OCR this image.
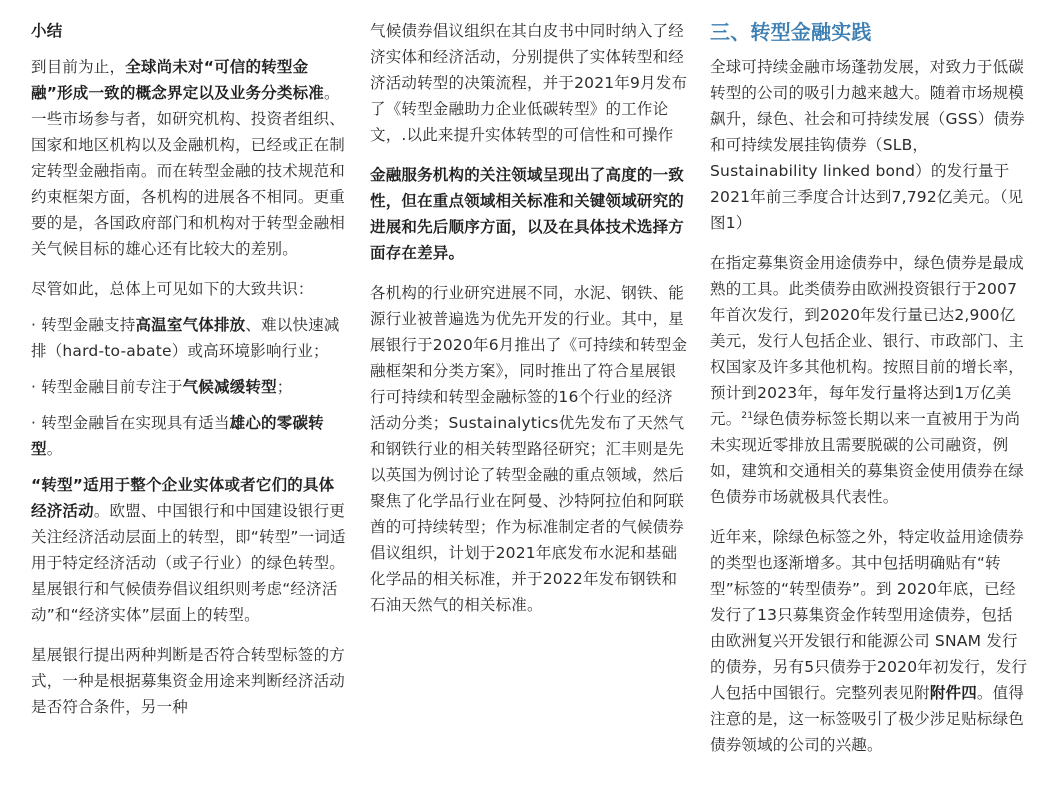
小结

到目前为止，全球尚未对“可信的转型金融”形成一致的概念界定以及业务分类标准。一些市场参与者，如研究机构、投资者组织、国家和地区机构以及金融机构，已经或正在制定转型金融指南。而在转型金融的技术规范和约束框架方面，各机构的进展各不相同。更重要的是，各国政府部门和机构对于转型金融相关气候目标的雄心还有比较大的差别。

尽管如此，总体上可见如下的大致共识：

· 转型金融支持高温室气体排放、难以快速减排（hard-to-abate）或高环境影响行业；

· 转型金融目前专注于气候减缓转型；

· 转型金融旨在实现具有适当雄心的零碳转型。

“转型”适用于整个企业实体或者它们的具体经济活动。欧盟、中国银行和中国建设银行更关注经济活动层面上的转型，即“转型”一词适用于特定经济活动（或子行业）的绿色转型。星展银行和气候债券倡议组织则考虑“经济活动”和“经济实体”层面上的转型。

星展银行提出两种判断是否符合转型标签的方式，一种是根据募集资金用途来判断经济活动是否符合条件，另一种

气候债券倡议组织在其白皮书中同时纳入了经济实体和经济活动，分别提供了实体转型和经济活动转型的决策流程，并于2021年9月发布了《转型金融助力企业低碳转型》的工作论文，.以此来提升实体转型的可信性和可操作

金融服务机构的关注领域呈现出了高度的一致性，但在重点领域相关标准和关键领域研究的进展和先后顺序方面，以及在具体技术选择方面存在差异。

各机构的行业研究进展不同，水泥、钢铁、能源行业被普遍选为优先开发的行业。其中，星展银行于2020年6月推出了《可持续和转型金融框架和分类方案》，同时推出了符合星展银行可持续和转型金融标签的16个行业的经济活动分类；Sustainalytics优先发布了天然气和钢铁行业的相关转型路径研究；汇丰则是先以英国为例讨论了转型金融的重点领域，然后聚焦了化学品行业在阿曼、沙特阿拉伯和阿联酋的可持续转型；作为标准制定者的气候债券倡议组织，计划于2021年底发布水泥和基础化学品的相关标准，并于2022年发布钢铁和石油天然气的相关标准。

三、转型金融实践

全球可持续金融市场蓬勃发展，对致力于低碳转型的公司的吸引力越来越大。随着市场规模飙升，绿色、社会和可持续发展（GSS）债券和可持续发展挂钩债券（SLB，Sustainability linked bond）的发行量于2021年前三季度合计达到7,792亿美元。（见图1）

在指定募集资金用途债券中，绿色债券是最成熟的工具。此类债券由欧洲投资银行于2007年首次发行，到2020年发行量已达2,900亿美元，发行人包括企业、银行、市政部门、主权国家及许多其他机构。按照目前的增长率，预计到2023年，每年发行量将达到1万亿美元。$^{21}$绿色债券标签长期以来一直被用于为尚未实现近零排放且需要脱碳的公司融资，例如，建筑和交通相关的募集资金使用债券在绿色债券市场就极具代表性。

近年来，除绿色标签之外，特定收益用途债券的类型也逐渐增多。其中包括明确贴有“转型”标签的“转型债券”。到 2020年底，已经发行了13只募集资金作转型用途债券，包括由欧洲复兴开发银行和能源公司 SNAM 发行的债券，另有5只债券于2020年初发行，发行人包括中国银行。完整列表见附附件四。值得注意的是，这一标签吸引了极少涉足贴标绿色债券领域的公司的兴趣。
